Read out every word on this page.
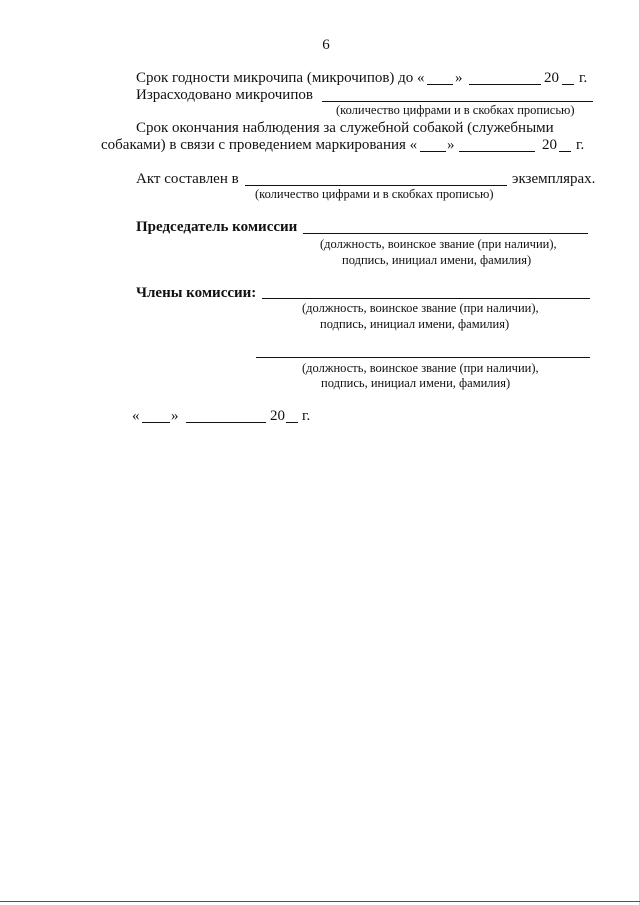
6
Срок годности микрочипа (микрочипов) до « »	20 г.
Израсходовано микрочипов
(количество цифрами и в скобках прописью)
Срок окончания наблюдения за служебной собакой (служебными
собаками) в связи с проведением маркирования « »	20 г.
Акт составлен в	экземплярах.
(количество цифрами и в скобках прописью)
Председатель комиссии
(должность, воинское звание (при наличии),
подпись, инициал имени, фамилия)
Члены комиссии:
(должность, воинское звание (при наличии),
подпись, инициал имени, фамилия)
(должность, воинское звание (при наличии),
подпись, инициал имени, фамилия)
« »	20 г.
